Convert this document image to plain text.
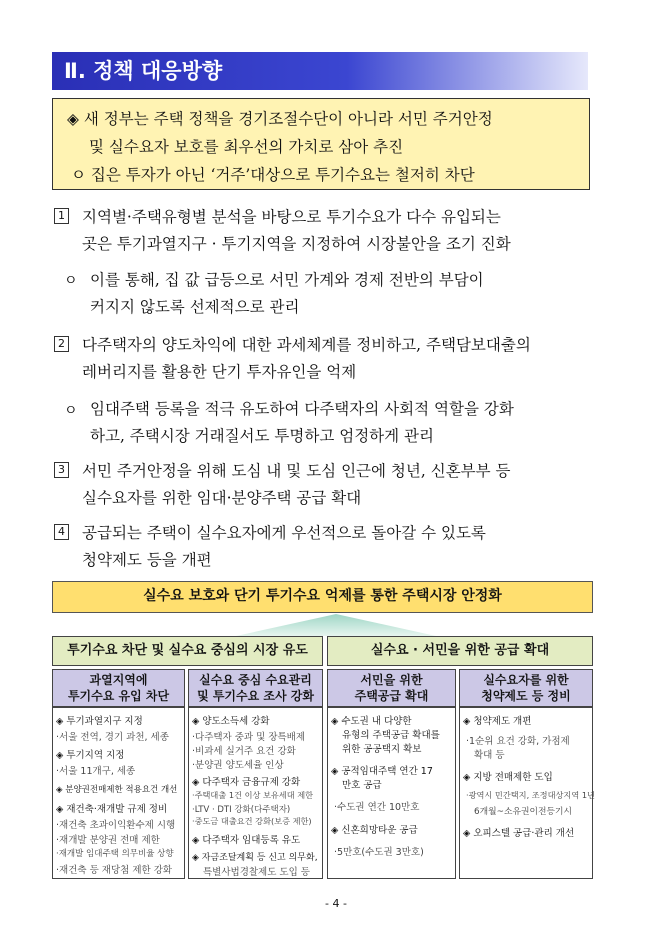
Ⅱ. 정책 대응방향
◈ 새 정부는 주택 정책을 경기조절수단이 아니라 서민 주거안정
및 실수요자 보호를 최우선의 가치로 삼아 추진
ㅇ 집은 투자가 아닌 ‘거주’대상으로 투기수요는 철저히 차단
1 지역별·주택유형별 분석을 바탕으로 투기수요가 다수 유입되는
곳은 투기과열지구 · 투기지역을 지정하여 시장불안을 조기 진화
ㅇ 이를 통해, 집 값 급등으로 서민 가계와 경제 전반의 부담이
커지지 않도록 선제적으로 관리
2 다주택자의 양도차익에 대한 과세체계를 정비하고, 주택담보대출의
레버리지를 활용한 단기 투자유인을 억제
ㅇ 임대주택 등록을 적극 유도하여 다주택자의 사회적 역할을 강화
하고, 주택시장 거래질서도 투명하고 엄정하게 관리
3 서민 주거안정을 위해 도심 내 및 도심 인근에 청년, 신혼부부 등
실수요자를 위한 임대·분양주택 공급 확대
4 공급되는 주택이 실수요자에게 우선적으로 돌아갈 수 있도록
청약제도 등을 개편
실수요 보호와 단기 투기수요 억제를 통한 주택시장 안정화
투기수요 차단 및 실수요 중심의 시장 유도	실수요 · 서민을 위한 공급 확대
과열지역에
투기수요 유입 차단
◈ 투기과열지구 지정
·서울 전역, 경기 과천, 세종
◈ 투기지역 지정
·서울 11개구, 세종
◈ 분양권전매제한 적용요건 개선
◈ 재건축·재개발 규제 정비
·재건축 초과이익환수제 시행
·재개발 분양권 전매 제한
·재개발 임대주택 의무비율 상향
·재건축 등 재당첨 제한 강화
실수요 중심 수요관리
및 투기수요 조사 강화
◈ 양도소득세 강화
·다주택자 중과 및 장특배제
·비과세 실거주 요건 강화
·분양권 양도세율 인상
◈ 다주택자 금융규제 강화
·주택대출 1건 이상 보유세대 제한
·LTV · DTI 강화(다주택자)
·중도금 대출요건 강화(보증 제한)
◈ 다주택자 임대등록 유도
◈ 자금조달계획 등 신고 의무화,
특별사법경찰제도 도입 등
서민을 위한
주택공급 확대
◈ 수도권 내 다양한
유형의 주택공급 확대를
위한 공공택지 확보
◈ 공적임대주택 연간 17
만호 공급
·수도권 연간 10만호
◈ 신혼희망타운 공급
·5만호(수도권 3만호)
실수요자를 위한
청약제도 등 정비
◈ 청약제도 개편
·1순위 요건 강화, 가점제
확대 등
◈ 지방 전매제한 도입
·광역시 민간택지, 조정대상지역 1년
6개월~소유권이전등기시
◈ 오피스텔 공급·관리 개선
- 4 -
